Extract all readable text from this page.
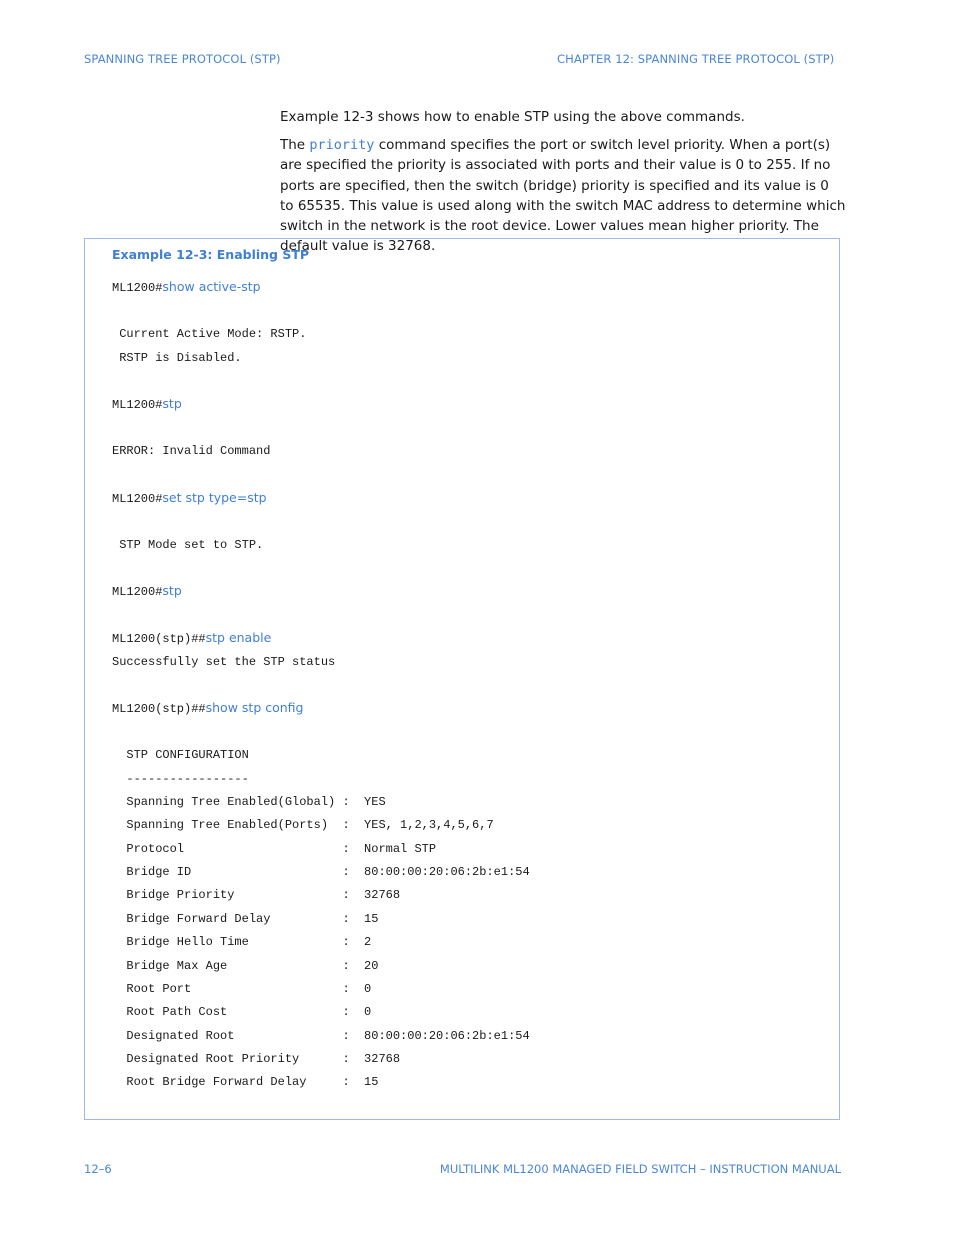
SPANNING TREE PROTOCOL (STP)	CHAPTER 12: SPANNING TREE PROTOCOL (STP)
Example 12-3 shows how to enable STP using the above commands.
The priority command specifies the port or switch level priority. When a port(s) are specified the priority is associated with ports and their value is 0 to 255. If no ports are specified, then the switch (bridge) priority is specified and its value is 0 to 65535. This value is used along with the switch MAC address to determine which switch in the network is the root device. Lower values mean higher priority. The default value is 32768.
Example 12-3: Enabling STP
ML1200#show active-stp
Current Active Mode: RSTP.
RSTP is Disabled.
ML1200#stp
ERROR: Invalid Command
ML1200#set stp type=stp
STP Mode set to STP.
ML1200#stp
ML1200(stp)##stp enable
Successfully set the STP status
ML1200(stp)##show stp config
STP CONFIGURATION
-----------------
Spanning Tree Enabled(Global) :  YES
Spanning Tree Enabled(Ports)  :  YES, 1,2,3,4,5,6,7
Protocol                      :  Normal STP
Bridge ID                     :  80:00:00:20:06:2b:e1:54
Bridge Priority               :  32768
Bridge Forward Delay          :  15
Bridge Hello Time             :  2
Bridge Max Age                :  20
Root Port                     :  0
Root Path Cost                :  0
Designated Root               :  80:00:00:20:06:2b:e1:54
Designated Root Priority      :  32768
Root Bridge Forward Delay     :  15
12–6	MULTILINK ML1200 MANAGED FIELD SWITCH – INSTRUCTION MANUAL
